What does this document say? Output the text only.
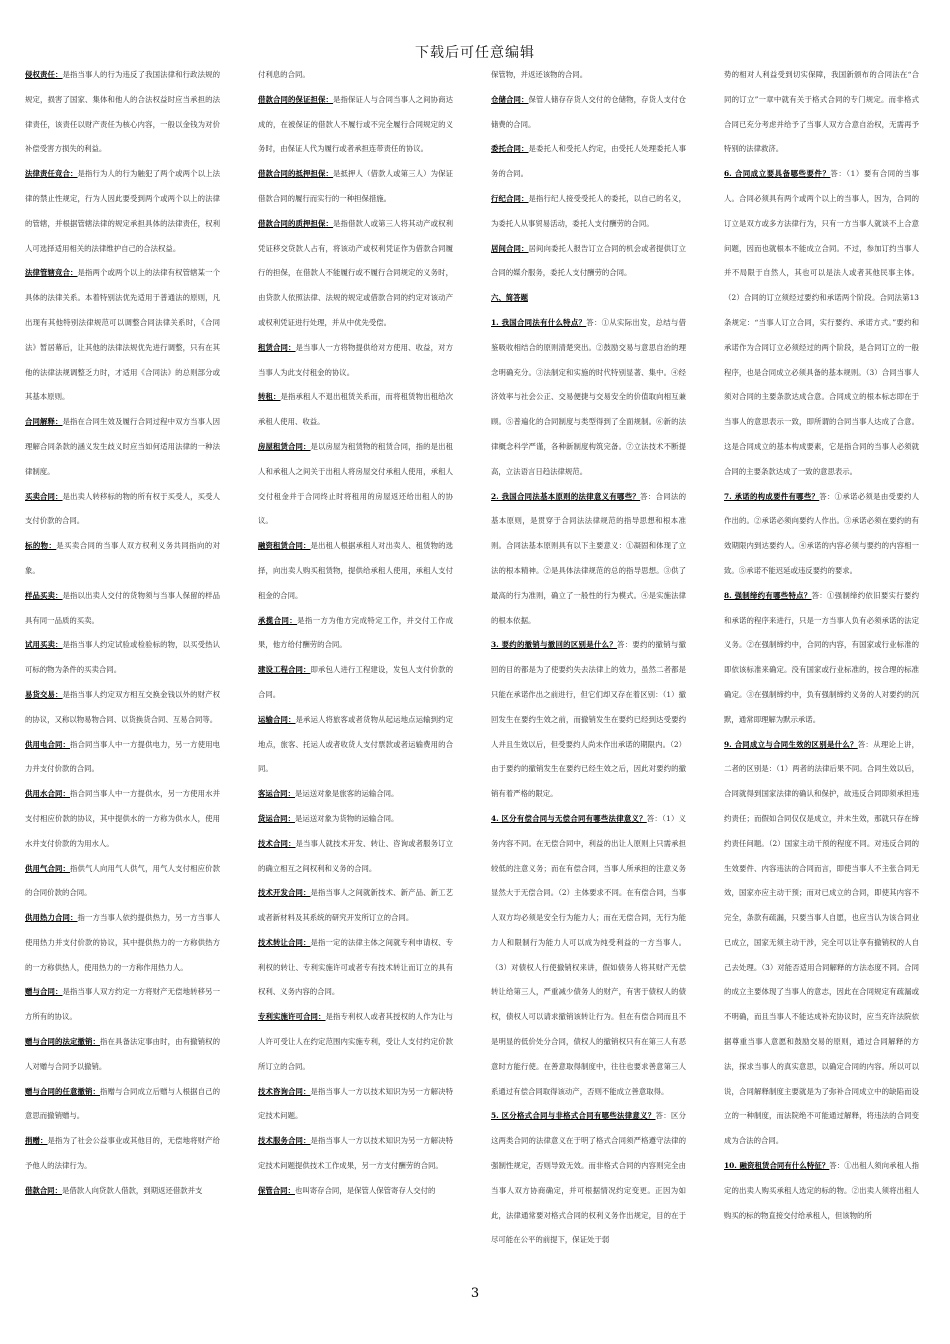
下载后可任意编辑

侵权责任：是指当事人的行为违反了我国法律和行政法规的规定，损害了国家、集体和他人的合法权益时应当承担的法律责任，该责任以财产责任为核心内容，一般以金钱为对价补偿受害方损失的利益。

法律责任竞合：是指行为人的行为触犯了两个或两个以上法律的禁止性规定，行为人因此要受到两个或两个以上的法律的管辖，并根据管辖法律的规定承担具体的法律责任，权利人可选择适用相关的法律维护自己的合法权益。

法律管辖竞合：是指两个或两个以上的法律有权管辖某一个具体的法律关系。本着特别法优先适用于普通法的原则，凡出现有其他特别法律规范可以调整合同法律关系时，《合同法》暂居幕后，让其他的法律法规优先进行调整，只有在其他的法律法规调整乏力时，才适用《合同法》的总则部分或其基本原则。

合同解释：是指在合同生效及履行合同过程中双方当事人因理解合同条款的涵义发生歧义时应当如何适用法律的一种法律制度。

买卖合同：是出卖人转移标的物的所有权于买受人，买受人支付价款的合同。

标的物：是买卖合同的当事人双方权利义务共同指向的对象。

样品买卖：是指以出卖人交付的货物须与当事人保留的样品具有同一品质的买卖。

试用买卖：是指当事人约定试验或检验标的物，以买受热认可标的物为条件的买卖合同。

易货交易：是指当事人约定双方相互交换金钱以外的财产权的协议，又称以物易物合同、以货换货合同、互易合同等。

供用电合同：指合同当事人中一方提供电力，另一方使用电力并支付价款的合同。

供用水合同：指合同当事人中一方提供水，另一方使用水并支付相应价款的协议，其中提供水的一方称为供水人，使用水并支付价款的为用水人。

供用气合同：指供气人向用气人供气，用气人支付相应价款的合同价款的合同。

供用热力合同：指一方当事人依约提供热力，另一方当事人使用热力并支付价款的协议，其中提供热力的一方称供热方的一方称供热人，使用热力的一方称作用热力人。

赠与合同：是指当事人双方约定一方将财产无偿地转移另一方所有的协议。

赠与合同的法定撤销：指在具备法定事由时，由有撤销权的人对赠与合同予以撤销。

赠与合同的任意撤销：指赠与合同成立后赠与人根据自己的意思而撤销赠与。

捐赠：是指为了社会公益事业或其他目的，无偿地将财产给予他人的法律行为。

借款合同：是借款人向贷款人借款，到期返还借款并支

付利息的合同。

借款合同的保证担保：是指保证人与合同当事人之间协商达成的，在被保证的借款人不履行或不完全履行合同规定的义务时，由保证人代为履行或者承担连带责任的协议。

借款合同的抵押担保：是抵押人（借款人或第三人）为保证借款合同的履行而实行的一种担保措施。

借款合同的质押担保：是指借款人或第三人将其动产或权利凭证移交贷款人占有，将该动产或权利凭证作为借款合同履行的担保，在借款人不能履行或不履行合同规定的义务时，由贷款人依照法律、法规的规定或借款合同的约定对该动产或权利凭证进行处理，并从中优先受偿。

租赁合同：是当事人一方将物提供给对方使用、收益，对方当事人为此支付租金的协议。

转租：是指承租人不退出租赁关系而，而将租赁物出租给次承租人使用、收益。

房屋租赁合同：是以房屋为租赁物的租赁合同，指的是出租人和承租人之间关于出租人将房屋交付承租人使用，承租人交付租金并于合同终止时将租用的房屋返还给出租人的协议。

融资租赁合同：是出租人根据承租人对出卖人、租赁物的选择，向出卖人购买租赁物，提供给承租人使用，承租人支付租金的合同。

承揽合同：是指一方为他方完成特定工作，并交付工作成果，他方给付酬劳的合同。

建设工程合同：即承包人进行工程建设，发包人支付价款的合同。

运输合同：是承运人将旅客或者货物从起运地点运输到约定地点，旅客、托运人或者收货人支付票款或者运输费用的合同。

客运合同：是运送对象是旅客的运输合同。

货运合同：是运送对象为货物的运输合同。

技术合同：是当事人就技术开发、转让、咨询或者服务订立的确立相互之间权利和义务的合同。

技术开发合同：是指当事人之间就新技术、新产品、新工艺或者新材料及其系统的研究开发所订立的合同。

技术转让合同：是指一定的法律主体之间就专利申请权、专利权的转让、专利实施许可或者专有技术转让而订立的具有权利、义务内容的合同。

专利实施许可合同：是指专利权人或者其授权的人作为让与人许可受让人在约定范围内实施专利，受让人支付约定价款所订立的合同。

技术咨询合同：是指当事人一方以技术知识为另一方解决特定技术问题。

技术服务合同：是指当事人一方以技术知识为另一方解决特定技术问题提供技术工作成果，另一方支付酬劳的合同。

保管合同：也叫寄存合同，是保管人保管寄存人交付的

保管物，并返还该物的合同。

仓储合同：保管人储存存货人交付的仓储物，存货人支付仓储费的合同。

委托合同：是委托人和受托人约定，由受托人处理委托人事务的合同。

行纪合同：是指行纪人接受受托人的委托，以自己的名义，为委托人从事贸易活动，委托人支付酬劳的合同。

居间合同：居间向委托人报告订立合同的机会或者提供订立合同的媒介服务，委托人支付酬劳的合同。

六、简答题

1. 我国合同法有什么特点？答：①从实际出发，总结与借鉴吸收相结合的原则清楚突出。②鼓励交易与意思自治的理念明确充分。③法制定和实施的时代特别显著、集中。④经济效率与社会公正、交易便捷与交易安全的价值取向相互兼顾。⑤普遍化的合同制度与类型得到了全面规制。⑥新的法律概念科学严谨，各种新制度构筑完备。⑦立法技术不断提高，立法语言日趋法律规范。

2. 我国合同法基本原则的法律意义有哪些？答：合同法的基本原则，是贯穿于合同法法律规范的指导思想和根本准则。合同法基本原则具有以下主要意义：①凝固和体现了立法的根本精神。②是具体法律规范的总的指导思想。③供了最高的行为准则，确立了一般性的行为模式。④是实施法律的根本依据。

3. 要约的撤销与撤回的区别是什么？答：要约的撤销与撤回的目的都是为了使要约失去法律上的效力，虽然二者都是只能在承诺作出之前进行，但它们却又存在着区别：（1）撤回发生在要约生效之前，而撤销发生在要约已经到达受要约人并且生效以后，但受要约人尚未作出承诺的期限内。（2）由于要约的撤销发生在要约已经生效之后，因此对要约的撤销有着严格的限定。

4. 区分有偿合同与无偿合同有哪些法律意义？答：（1）义务内容不同。在无偿合同中，利益的出让人原则上只需承担较低的注意义务；而在有偿合同，当事人所承担的注意义务显然大于无偿合同。（2）主体要求不同。在有偿合同，当事人双方均必须是安全行为能力人；而在无偿合同，无行为能力人和限制行为能力人可以成为纯受利益的一方当事人。（3）对债权人行使撤销权来讲，假如债务人将其财产无偿转让给第三人，严重减少债务人的财产，有害于债权人的债权，债权人可以请求撤销该转让行为。但在有偿合同而且不是明显的低价处分合同，债权人的撤销权只有在第三人有恶意时方能行使。在善意取得制度中，往往也要求善意第三人系通过有偿合同取得该动产，否则不能成立善意取得。

5. 区分格式合同与非格式合同有哪些法律意义？答：区分这两类合同的法律意义在于明了格式合同须严格遵守法律的强制性规定，否则导致无效。而非格式合同的内容则完全由当事人双方协商确定，并可根据情况约定变更。正因为如此，法律通常要对格式合同的权利义务作出规定，目的在于尽可能在公平的前提下，保证处于弱

势的相对人利益受到切实保障，我国新颁布的合同法在“合同的订立”一章中就有关于格式合同的专门规定。而非格式合同已充分考虑并给予了当事人双方合意自治权，无需再予特别的法律救济。

6. 合同成立要具备哪些要件？答：（1）要有合同的当事人。合同必须具有两个或两个以上的当事人，因为，合同的订立是双方或多方法律行为，只有一方当事人就谈不上合意问题，因而也就根本不能成立合同。不过，参加订约当事人并不局限于自然人，其也可以是法人或者其他民事主体。（2）合同的订立须经过要约和承诺两个阶段。合同法第13条规定：“当事人订立合同，实行要约、承诺方式。”要约和承诺作为合同订立必须经过的两个阶段，是合同订立的一般程序，也是合同成立必须具备的基本规则。（3）合同当事人须对合同的主要条款达成合意。合同成立的根本标志即在于当事人的意思表示一致，即所谓的合同当事人达成了合意。这是合同成立的基本构成要素，它是指合同的当事人必须就合同的主要条款达成了一致的意思表示。

7. 承诺的构成要件有哪些？答：①承诺必须是由受要约人作出的。②承诺必须向要约人作出。③承诺必须在要约的有效期限内到达要约人。④承诺的内容必须与要约的内容相一致。⑤承诺不能迟延或违反要约的要求。

8. 强制缔约有哪些特点？答：①强制缔约依旧要实行要约和承诺的程序来进行，只是一方当事人负有必须承诺的法定义务。②在强制缔约中，合同的内容，有国家或行业标准的即依该标准来确定。没有国家或行业标准的，按合理的标准确定。③在强制缔约中，负有强制缔约义务的人对要约的沉默，通常即理解为默示承诺。

9. 合同成立与合同生效的区别是什么？答：从理论上讲，二者的区别是：（1）两者的法律后果不同。合同生效以后，合同就得到国家法律的确认和保护，故违反合同即须承担违约责任；而假如合同仅仅是成立，并未生效，那就只存在缔约责任问题。（2）国家主动干预的程度不同。对违反合同的生效要件、内容违法的合同而言，即使当事人不主张合同无效，国家亦应主动干预；而对已成立的合同，即使其内容不完全，条款有疏漏，只要当事人自愿，也应当认为该合同业已成立，国家无须主动干涉，完全可以让享有撤销权的人自己去处理。（3）对能否适用合同解释的方法态度不同。合同的成立主要体现了当事人的意志，因此在合同规定有疏漏或不明确，而且当事人不能达成补充协议时，应当充许法院依据尊重当事人意愿和鼓励交易的原则，通过合同解释的方法，探求当事人的真实意思，以确定合同的内容。所以可以说，合同解释制度主要就是为了弥补合同成立中的缺陷而设立的一种制度，而法院绝不可能通过解释，将违法的合同变成为合法的合同。

10. 融资租赁合同有什么特征？答：①出租人须向承租人指定的出卖人购买承租人选定的标的物。②出卖人须将出租人购买的标的物直接交付给承租人，但该物的所

3
